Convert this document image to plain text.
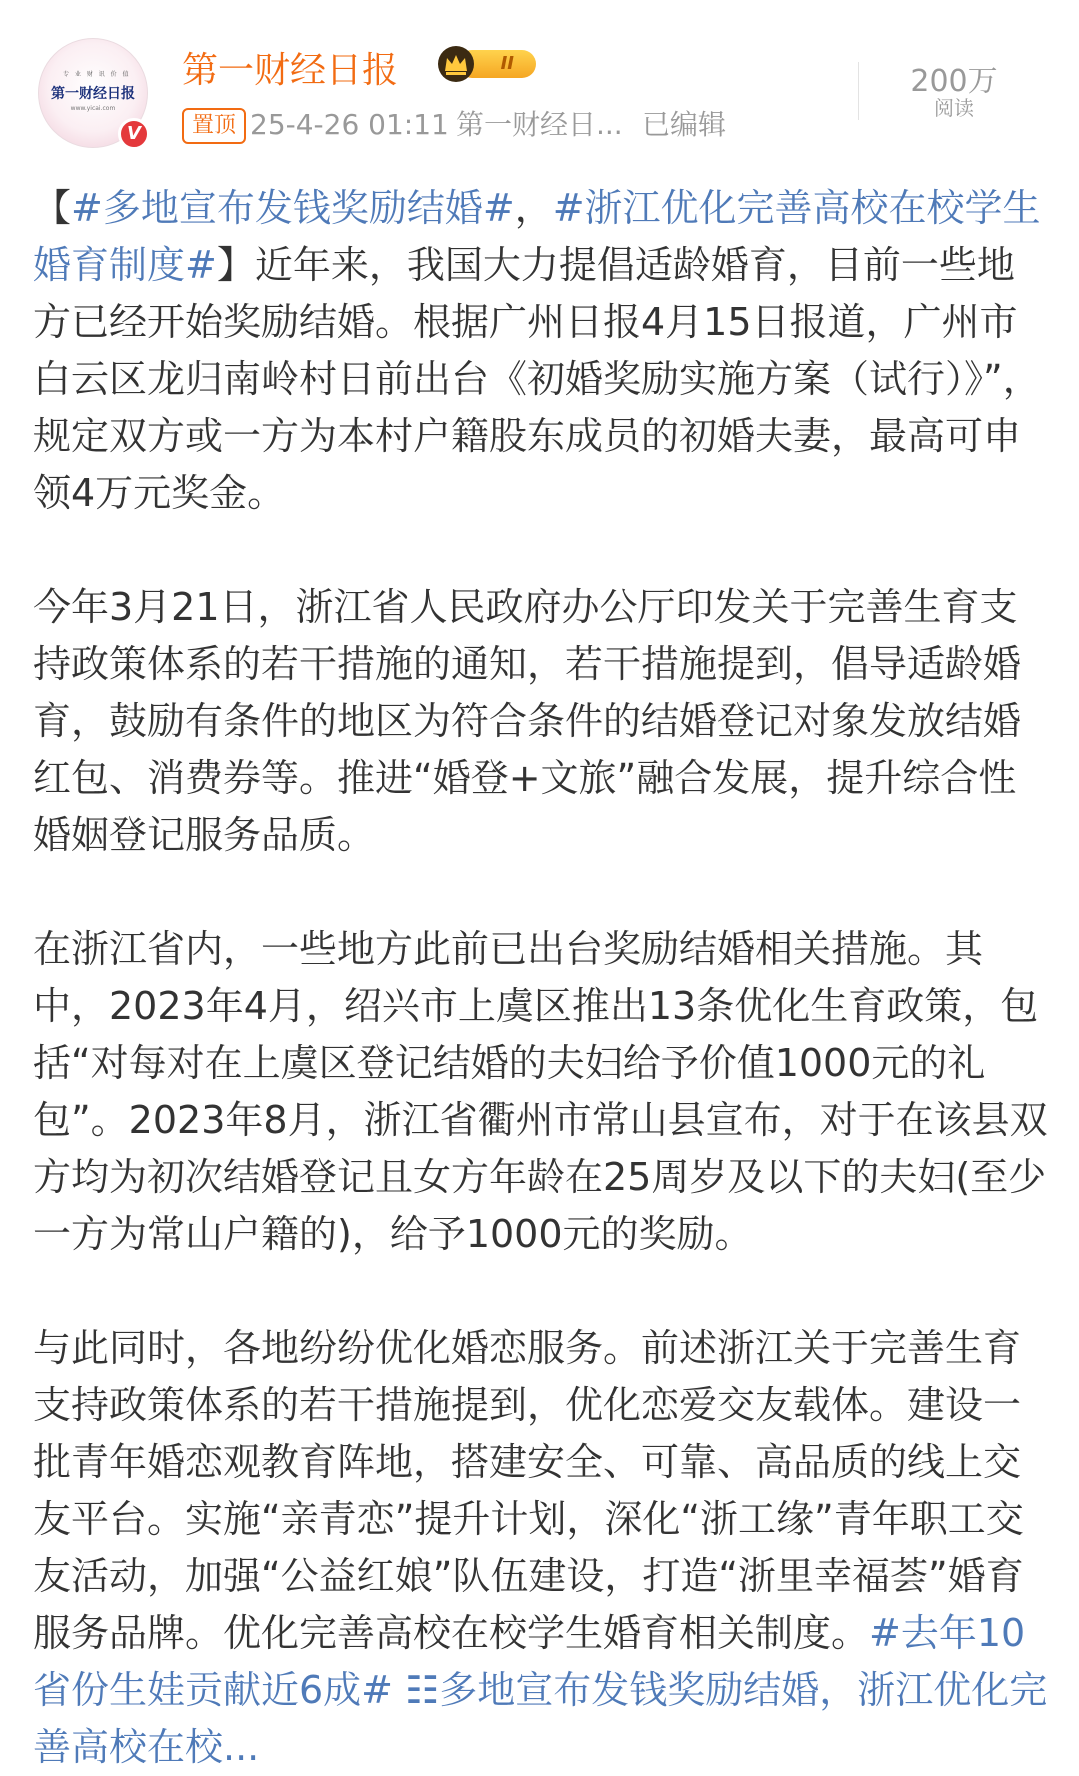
专 业 财 讯 价 值
第一财经日报
www.yicai.com
V
第一财经日报	II
置顶 25-4-26 01:11 第一财经日... 已编辑
200万
阅读

【#多地宣布发钱奖励结婚#，#浙江优化完善高校在校学生婚育制度#】近年来，我国大力提倡适龄婚育，目前一些地方已经开始奖励结婚。根据广州日报4月15日报道，广州市白云区龙归南岭村日前出台《初婚奖励实施方案（试行）》”，规定双方或一方为本村户籍股东成员的初婚夫妻，最高可申领4万元奖金。

今年3月21日，浙江省人民政府办公厅印发关于完善生育支持政策体系的若干措施的通知，若干措施提到，倡导适龄婚育，鼓励有条件的地区为符合条件的结婚登记对象发放结婚红包、消费券等。推进“婚登+文旅”融合发展，提升综合性婚姻登记服务品质。

在浙江省内，一些地方此前已出台奖励结婚相关措施。其中，2023年4月，绍兴市上虞区推出13条优化生育政策，包括“对每对在上虞区登记结婚的夫妇给予价值1000元的礼包”。2023年8月，浙江省衢州市常山县宣布，对于在该县双方均为初次结婚登记且女方年龄在25周岁及以下的夫妇(至少一方为常山户籍的)，给予1000元的奖励。

与此同时，各地纷纷优化婚恋服务。前述浙江关于完善生育支持政策体系的若干措施提到，优化恋爱交友载体。建设一批青年婚恋观教育阵地，搭建安全、可靠、高品质的线上交友平台。实施“亲青恋”提升计划，深化“浙工缘”青年职工交友活动，加强“公益红娘”队伍建设，打造“浙里幸福荟”婚育服务品牌。优化完善高校在校学生婚育相关制度。#去年10省份生娃贡献近6成# ☷多地宣布发钱奖励结婚，浙江优化完善高校在校...
